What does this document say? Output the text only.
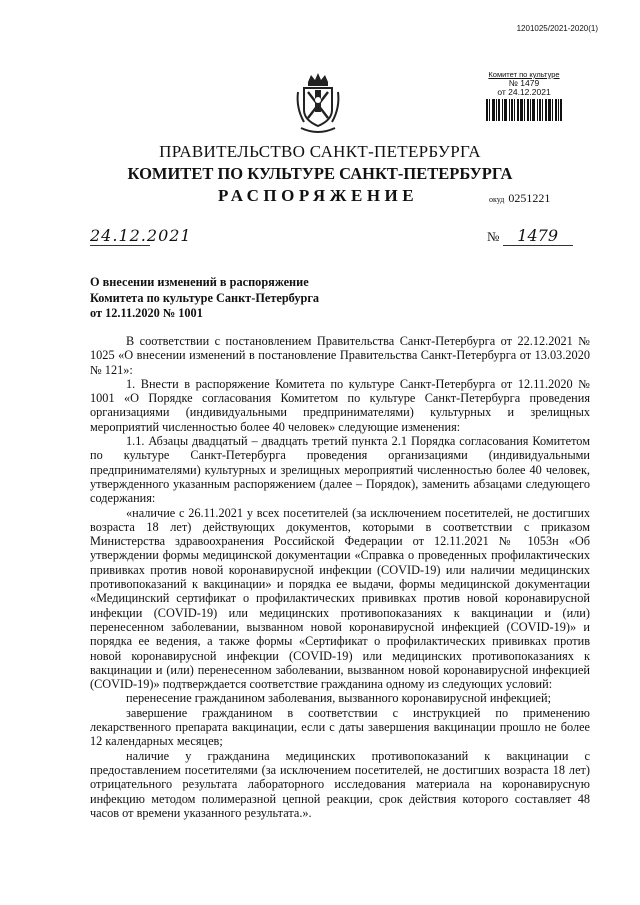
1201025/2021-2020(1)
Комитет по культуре
№ 1479
от 24.12.2021
ПРАВИТЕЛЬСТВО САНКТ-ПЕТЕРБУРГА
КОМИТЕТ ПО КУЛЬТУРЕ САНКТ-ПЕТЕРБУРГА
РАСПОРЯЖЕНИЕ	окуд 0251221
24.12.2021	№ 1479
О внесении изменений в распоряжение
Комитета по культуре Санкт-Петербурга
от 12.11.2020 № 1001

В соответствии с постановлением Правительства Санкт-Петербурга от 22.12.2021 № 1025 «О внесении изменений в постановление Правительства Санкт-Петербурга от 13.03.2020 № 121»:

1. Внести в распоряжение Комитета по культуре Санкт-Петербурга от 12.11.2020 № 1001 «О Порядке согласования Комитетом по культуре Санкт-Петербурга проведения организациями (индивидуальными предпринимателями) культурных и зрелищных мероприятий численностью более 40 человек» следующие изменения:

1.1. Абзацы двадцатый – двадцать третий пункта 2.1 Порядка согласования Комитетом по культуре Санкт-Петербурга проведения организациями (индивидуальными предпринимателями) культурных и зрелищных мероприятий численностью более 40 человек, утвержденного указанным распоряжением (далее – Порядок), заменить абзацами следующего содержания:

«наличие с 26.11.2021 у всех посетителей (за исключением посетителей, не достигших возраста 18 лет) действующих документов, которыми в соответствии с приказом Министерства здравоохранения Российской Федерации от 12.11.2021 № 1053н «Об утверждении формы медицинской документации «Справка о проведенных профилактических прививках против новой коронавирусной инфекции (COVID-19) или наличии медицинских противопоказаний к вакцинации» и порядка ее выдачи, формы медицинской документации «Медицинский сертификат о профилактических прививках против новой коронавирусной инфекции (COVID-19) или медицинских противопоказаниях к вакцинации и (или) перенесенном заболевании, вызванном новой коронавирусной инфекцией (COVID-19)» и порядка ее ведения, а также формы «Сертификат о профилактических прививках против новой коронавирусной инфекции (COVID-19) или медицинских противопоказаниях к вакцинации и (или) перенесенном заболевании, вызванном новой коронавирусной инфекцией (COVID-19)» подтверждается соответствие гражданина одному из следующих условий:

перенесение гражданином заболевания, вызванного коронавирусной инфекцией;

завершение гражданином в соответствии с инструкцией по применению лекарственного препарата вакцинации, если с даты завершения вакцинации прошло не более 12 календарных месяцев;

наличие у гражданина медицинских противопоказаний к вакцинации с предоставлением посетителями (за исключением посетителей, не достигших возраста 18 лет) отрицательного результата лабораторного исследования материала на коронавирусную инфекцию методом полимеразной цепной реакции, срок действия которого составляет 48 часов от времени указанного результата.».
